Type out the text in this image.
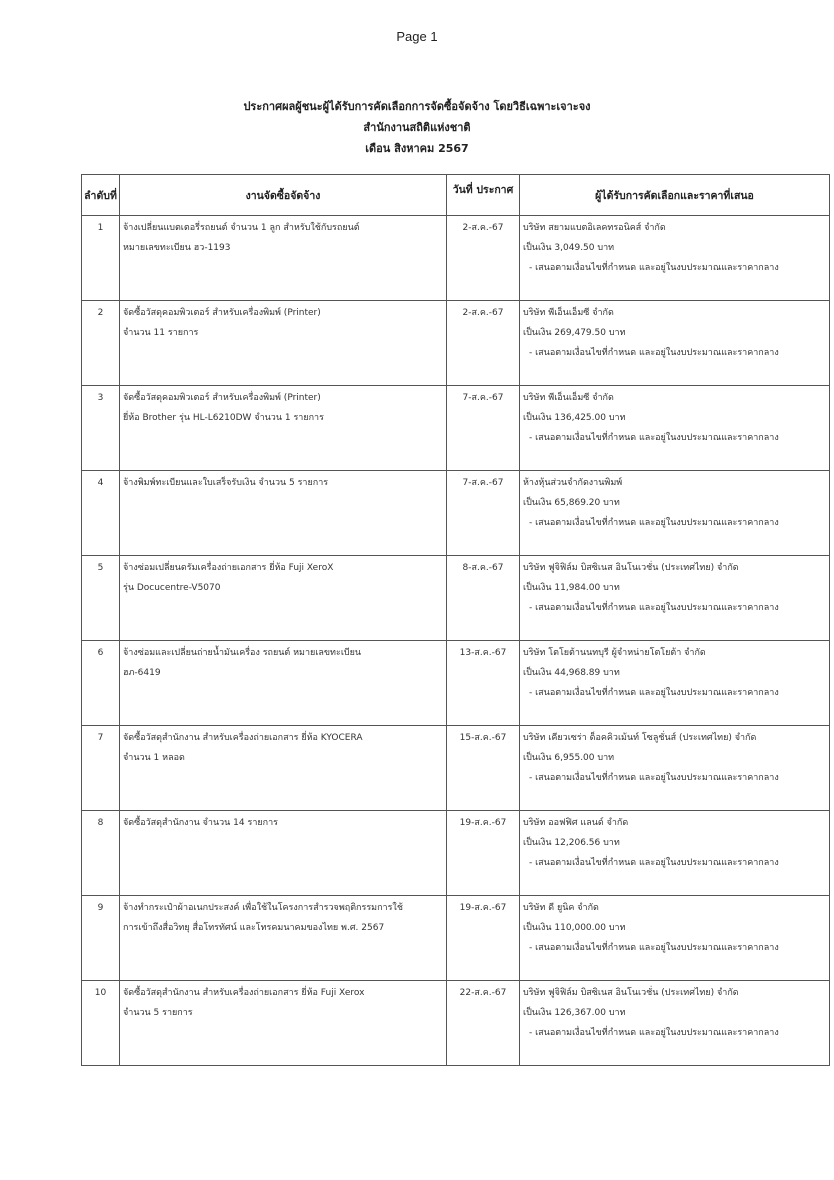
Page 1
ประกาศผลผู้ชนะผู้ได้รับการคัดเลือกการจัดซื้อจัดจ้าง โดยวิธีเฉพาะเจาะจง
สำนักงานสถิติแห่งชาติ
เดือน สิงหาคม 2567
ลำดับที่	งานจัดซื้อจัดจ้าง	วันที่ ประกาศ	ผู้ได้รับการคัดเลือกและราคาที่เสนอ
1	จ้างเปลี่ยนแบตเตอรี่รถยนต์ จำนวน 1 ลูก สำหรับใช้กับรถยนต์
หมายเลขทะเบียน ฮว-1193	2-ส.ค.-67	บริษัท สยามแบตอิเลคทรอนิคส์ จำกัด
เป็นเงิน 3,049.50 บาท
- เสนอตามเงื่อนไขที่กำหนด และอยู่ในงบประมาณและราคากลาง

2	จัดซื้อวัสดุคอมพิวเตอร์ สำหรับเครื่องพิมพ์ (Printer)
จำนวน 11 รายการ	2-ส.ค.-67	บริษัท พีเอ็นเอ็มซี จำกัด
เป็นเงิน 269,479.50 บาท
- เสนอตามเงื่อนไขที่กำหนด และอยู่ในงบประมาณและราคากลาง

3	จัดซื้อวัสดุคอมพิวเตอร์ สำหรับเครื่องพิมพ์ (Printer)
ยี่ห้อ Brother รุ่น HL-L6210DW จำนวน 1 รายการ	7-ส.ค.-67	บริษัท พีเอ็นเอ็มซี จำกัด
เป็นเงิน 136,425.00 บาท
- เสนอตามเงื่อนไขที่กำหนด และอยู่ในงบประมาณและราคากลาง

4	จ้างพิมพ์ทะเบียนและใบเสร็จรับเงิน จำนวน 5 รายการ	7-ส.ค.-67	ห้างหุ้นส่วนจำกัดงานพิมพ์
เป็นเงิน 65,869.20 บาท
- เสนอตามเงื่อนไขที่กำหนด และอยู่ในงบประมาณและราคากลาง

5	จ้างซ่อมเปลี่ยนดรัมเครื่องถ่ายเอกสาร ยี่ห้อ Fuji XeroX
รุ่น Docucentre-V5070	8-ส.ค.-67	บริษัท ฟูจิฟิล์ม บิสซิเนส อินโนเวชั่น (ประเทศไทย) จำกัด
เป็นเงิน 11,984.00 บาท
- เสนอตามเงื่อนไขที่กำหนด และอยู่ในงบประมาณและราคากลาง

6	จ้างซ่อมและเปลี่ยนถ่ายน้ำมันเครื่อง รถยนต์ หมายเลขทะเบียน
ฮภ-6419	13-ส.ค.-67	บริษัท โตโยต้านนทบุรี ผู้จำหน่ายโตโยต้า จำกัด
เป็นเงิน 44,968.89 บาท
- เสนอตามเงื่อนไขที่กำหนด และอยู่ในงบประมาณและราคากลาง

7	จัดซื้อวัสดุสำนักงาน สำหรับเครื่องถ่ายเอกสาร ยี่ห้อ KYOCERA
จำนวน 1 หลอด	15-ส.ค.-67	บริษัท เคียวเซร่า ด็อคคิวเม้นท์ โซลูชั่นส์ (ประเทศไทย) จำกัด
เป็นเงิน 6,955.00 บาท
- เสนอตามเงื่อนไขที่กำหนด และอยู่ในงบประมาณและราคากลาง

8	จัดซื้อวัสดุสำนักงาน จำนวน 14 รายการ	19-ส.ค.-67	บริษัท ออฟฟิศ แลนด์ จำกัด
เป็นเงิน 12,206.56 บาท
- เสนอตามเงื่อนไขที่กำหนด และอยู่ในงบประมาณและราคากลาง

9	จ้างทำกระเป๋าผ้าอเนกประสงค์ เพื่อใช้ในโครงการสำรวจพฤติกรรมการใช้
การเข้าถึงสื่อวิทยุ สื่อโทรทัศน์ และโทรคมนาคมของไทย พ.ศ. 2567	19-ส.ค.-67	บริษัท ดี ยูนิค จำกัด
เป็นเงิน 110,000.00 บาท
- เสนอตามเงื่อนไขที่กำหนด และอยู่ในงบประมาณและราคากลาง

10	จัดซื้อวัสดุสำนักงาน สำหรับเครื่องถ่ายเอกสาร ยี่ห้อ Fuji Xerox
จำนวน 5 รายการ	22-ส.ค.-67	บริษัท ฟูจิฟิล์ม บิสซิเนส อินโนเวชั่น (ประเทศไทย) จำกัด
เป็นเงิน 126,367.00 บาท
- เสนอตามเงื่อนไขที่กำหนด และอยู่ในงบประมาณและราคากลาง
